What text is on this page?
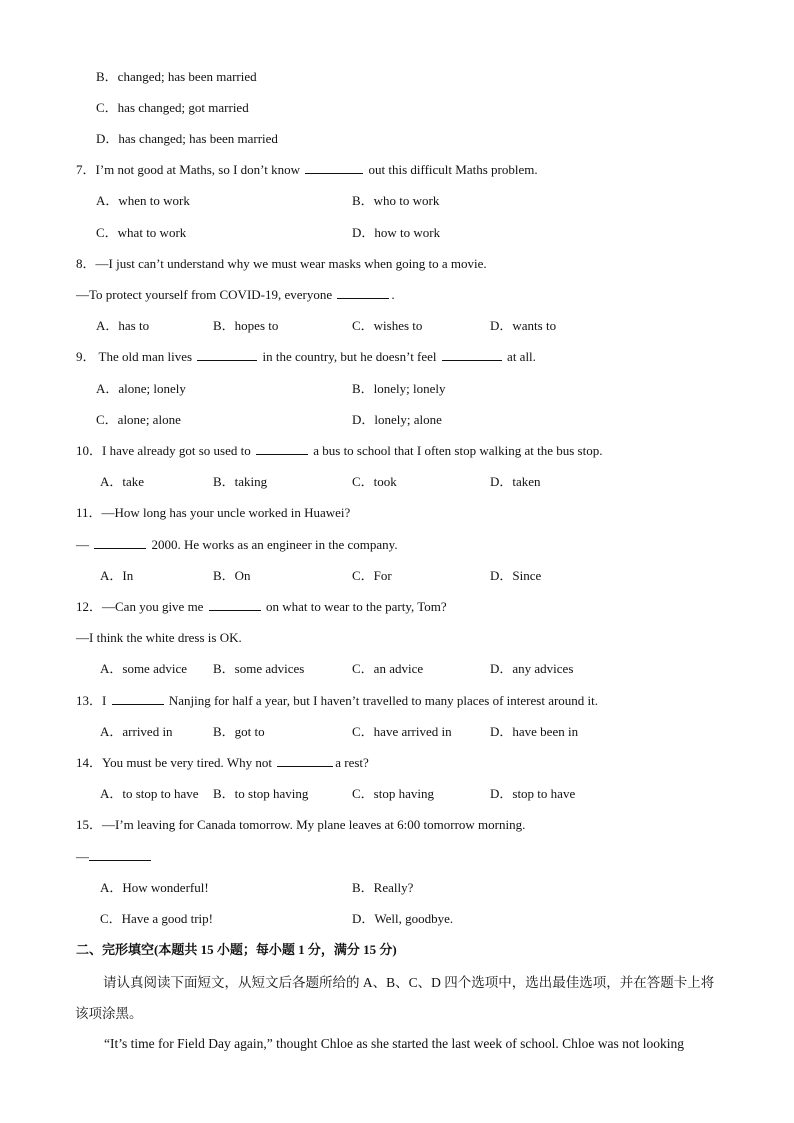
B．changed; has been married
C．has changed; got married
D．has changed; has been married
7．I’m not good at Maths, so I don’t know	out this difficult Maths problem.
A．when to work	B．who to work
C．what to work	D．how to work
8．—I just can’t understand why we must wear masks when going to a movie.
—To protect yourself from COVID-19, everyone	.
A．has to	B．hopes to	C．wishes to	D．wants to
9． The old man lives	in the country, but he doesn’t feel	at all.
A．alone; lonely	B．lonely; lonely
C．alone; alone	D．lonely; alone
10．I have already got so used to	a bus to school that I often stop walking at the bus stop.
A．take	B．taking	C．took	D．taken
11．—How long has your uncle worked in Huawei?
—	2000. He works as an engineer in the company.
A．In	B．On	C．For	D．Since
12．—Can you give me	on what to wear to the party, Tom?
—I think the white dress is OK.
A．some advice B．some advices	C．an advice	D．any advices
13．I	Nanjing for half a year, but I haven’t travelled to many places of interest around it.
A．arrived in	B．got to	C．have arrived in	D．have been in
14．You must be very tired. Why not	a rest?
A．to stop to have B．to stop having	C．stop having	D．stop to have
15．—I’m leaving for Canada tomorrow. My plane leaves at 6:00 tomorrow morning.
—
A．How wonderful!	B．Really?
C．Have a good trip!	D．Well, goodbye.
二、完形填空(本题共 15 小题；每小题 1 分，满分 15 分)
请认真阅读下面短文，从短文后各题所给的 A、B、C、D 四个选项中，选出最佳选项，并在答题卡上将该项涂黑。
“It’s time for Field Day again,” thought Chloe as she started the last week of school. Chloe was not looking
